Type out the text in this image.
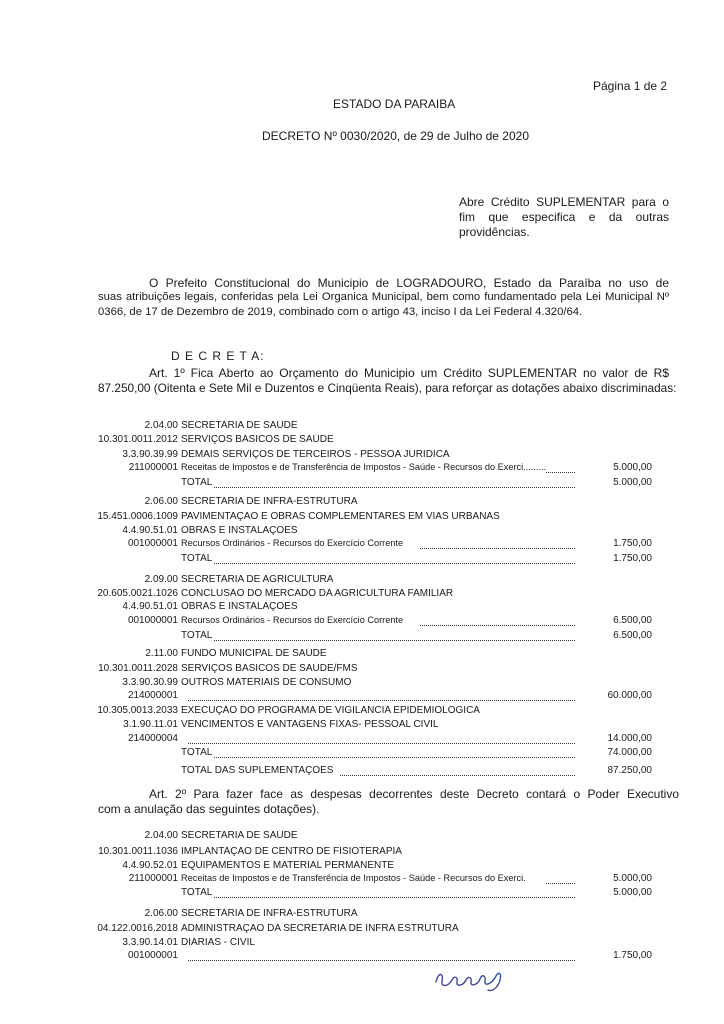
Página 1 de 2
ESTADO DA PARAIBA
DECRETO Nº 0030/2020, de 29 de Julho de 2020
Abre Crédito SUPLEMENTAR para o
fim que especifica e da outras
providências.
O Prefeito Constitucional do Municipio de LOGRADOURO, Estado da Paraíba no uso de
suas atribuições legais, conferidas pela Lei Organica Municipal, bem como fundamentado pela Lei Municipal Nº
0366, de 17 de Dezembro de 2019, combinado com o artigo 43, inciso I da Lei Federal 4.320/64.
D E C R E T A:
Art. 1º Fica Aberto ao Orçamento do Municipio um Crédito SUPLEMENTAR no valor de R$
87.250,00 (Oitenta e Sete Mil e Duzentos e Cinqüenta Reais), para reforçar as dotações abaixo discriminadas:
2.04.00 SECRETARIA DE SAÚDE
10.301.0011.2012 SERVIÇOS BÁSICOS DE SAÚDE
3.3.90.39.99 DEMAIS SERVIÇOS DE TERCEIROS - PESSOA JURÍDICA
211000001 Receitas de Impostos e de Transferência de Impostos - Saúde - Recursos do Exerci.........	5.000,00
TOTAL	5.000,00
2.06.00 SECRETARIA DE INFRA-ESTRUTURA
15.451.0006.1009 PAVIMENTAÇÃO E OBRAS COMPLEMENTARES EM VIAS URBANAS
4.4.90.51.01 OBRAS E INSTALAÇÕES
001000001 Recursos Ordinários - Recursos do Exercício Corrente	1.750,00
TOTAL	1.750,00
2.09.00 SECRETARIA DE AGRICULTURA
20.605.0021.1026 CONCLUSÃO DO MERCADO DA AGRICULTURA FAMILIAR
4.4.90.51.01 OBRAS E INSTALAÇÕES
001000001 Recursos Ordinários - Recursos do Exercício Corrente	6.500,00
TOTAL	6.500,00
2.11.00 FUNDO MUNICIPAL DE SAÚDE
10.301.0011.2028 SERVIÇOS BÁSICOS DE SAÚDE/FMS
3.3.90.30.99 OUTROS MATERIAIS DE CONSUMO
214000001	60.000,00
10.305.0013.2033 EXECUÇÃO DO PROGRAMA DE VIGILÂNCIA EPIDEMIOLÓGICA
3.1.90.11.01 VENCIMENTOS E VANTAGENS FIXAS- PESSOAL CIVIL
214000004	14.000,00
TOTAL	74.000,00
TOTAL DAS SUPLEMENTAÇÕES	87.250,00
Art. 2º Para fazer face as despesas decorrentes deste Decreto contará o Poder Executivo
com a anulação das seguintes dotações).
2.04.00 SECRETARIA DE SAÚDE
10.301.0011.1036 IMPLANTAÇÃO DE CENTRO DE FISIOTERAPIA
4.4.90.52.01 EQUIPAMENTOS E MATERIAL PERMANENTE
211000001 Receitas de Impostos e de Transferência de Impostos - Saúde - Recursos do Exerci.	5.000,00
TOTAL	5.000,00
2.06.00 SECRETARIA DE INFRA-ESTRUTURA
04.122.0016.2018 ADMINISTRAÇÃO DA SECRETARIA DE INFRA ESTRUTURA
3.3.90.14.01 DIÁRIAS - CIVIL
001000001	1.750,00
